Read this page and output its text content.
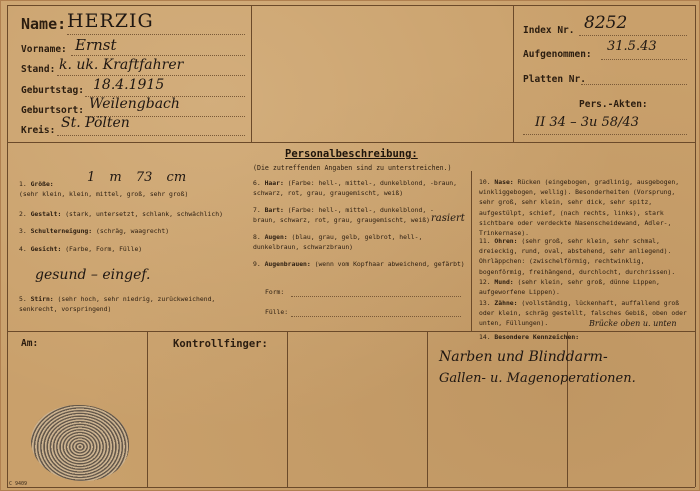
Name: HERZIG
Vorname: Ernst
Stand: k. uk. Kraftfahrer
Geburtstag: 18.4.1915
Geburtsort: Weilengbach
Kreis: St. Pölten
Index Nr. 8252
Aufgenommen:
31.5.43
Platten Nr.
Pers.-Akten:
II 34 – 3u 58/43
Personalbeschreibung:
(Die zutreffenden Angaben sind zu unterstreichen.)
1. Größe:
(sehr klein, klein, mittel, groß, sehr groß)
1 m 73 cm
2. Gestalt: (stark, untersetzt, schlank, schwächlich)
3. Schulterneigung: (schräg, waagrecht)
4. Gesicht: (Farbe, Form, Fülle)
gesund – eingef.
5. Stirn: (sehr hoch, sehr niedrig, zurückweichend, senkrecht, vorspringend)
6. Haar: (Farbe: hell-, mittel-, dunkelblond, -braun, schwarz, rot, grau, graugemischt, weiß)
7. Bart: (Farbe: hell-, mittel-, dunkelblond, -braun, schwarz, rot, grau, graugemischt, weiß) rasiert
8. Augen: (blau, grau, gelb, gelbrot, hell-, dunkelbraun, schwarzbraun)
9. Augenbrauen: (wenn vom Kopfhaar abweichend, gefärbt)
Form:
Fülle:
10. Nase: Rücken (eingebogen, gradlinig, ausgebogen, winkliggebogen, wellig). Besonderheiten (Vorsprung, sehr groß, sehr klein, sehr dick, sehr spitz, aufgestülpt, schief, (nach rechts, links), stark sichtbare oder verdeckte Nasenscheidewand, Adler-, Trinkernase).
11. Ohren: (sehr groß, sehr klein, sehr schmal, dreieckig, rund, oval, abstehend, sehr anliegend). Ohrläppchen: (zwischelförmig, rechtwinklig, bogenförmig, freihängend, durchlocht, durchrissen).
12. Mund: (sehr klein, sehr groß, dünne Lippen, aufgeworfene Lippen).
13. Zähne: (vollständig, lückenhaft, auffallend groß oder klein, schräg gestellt, falsches Gebiß, oben oder unten, Füllungen).	Brücke oben u. unten
14. Besondere Kennzeichen:
Am:	Kontrollfinger:
C 9409
Narben und Blinddarm-
Gallen- u. Magenoperationen.
